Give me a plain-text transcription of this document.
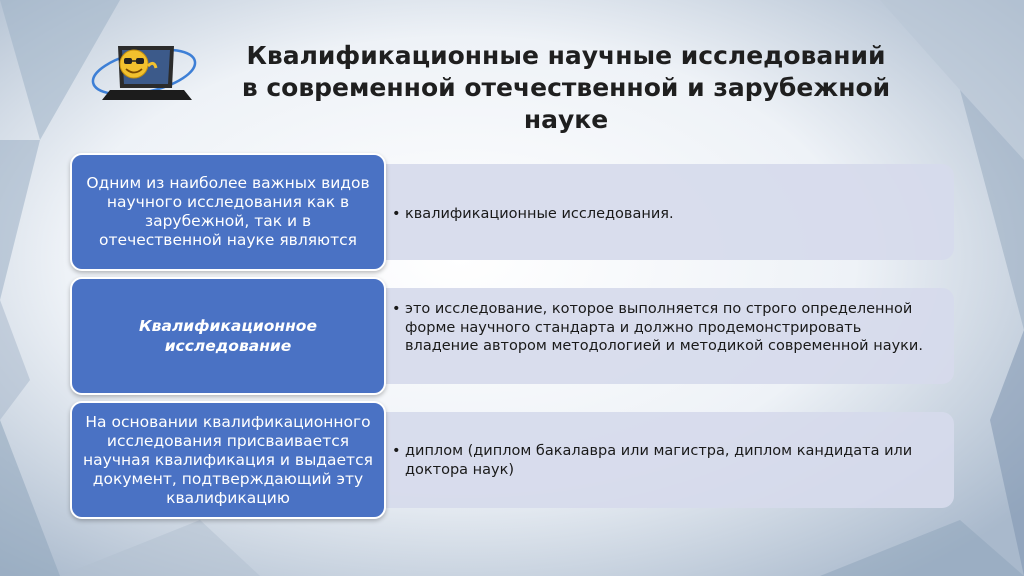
Квалификационные научные исследований
в современной отечественной и зарубежной
науке
Одним из наиболее важных видов научного исследования как в зарубежной, так и в отечественной науке являются
• квалификационные исследования.
Квалификационное исследование
• это исследование, которое выполняется по строго определенной форме научного стандарта и должно продемонстрировать владение автором методологией и методикой современной науки.
На основании квалификационного исследования присваивается научная квалификация и выдается документ, подтверждающий эту квалификацию
• диплом (диплом бакалавра или магистра, диплом кандидата или доктора наук)
